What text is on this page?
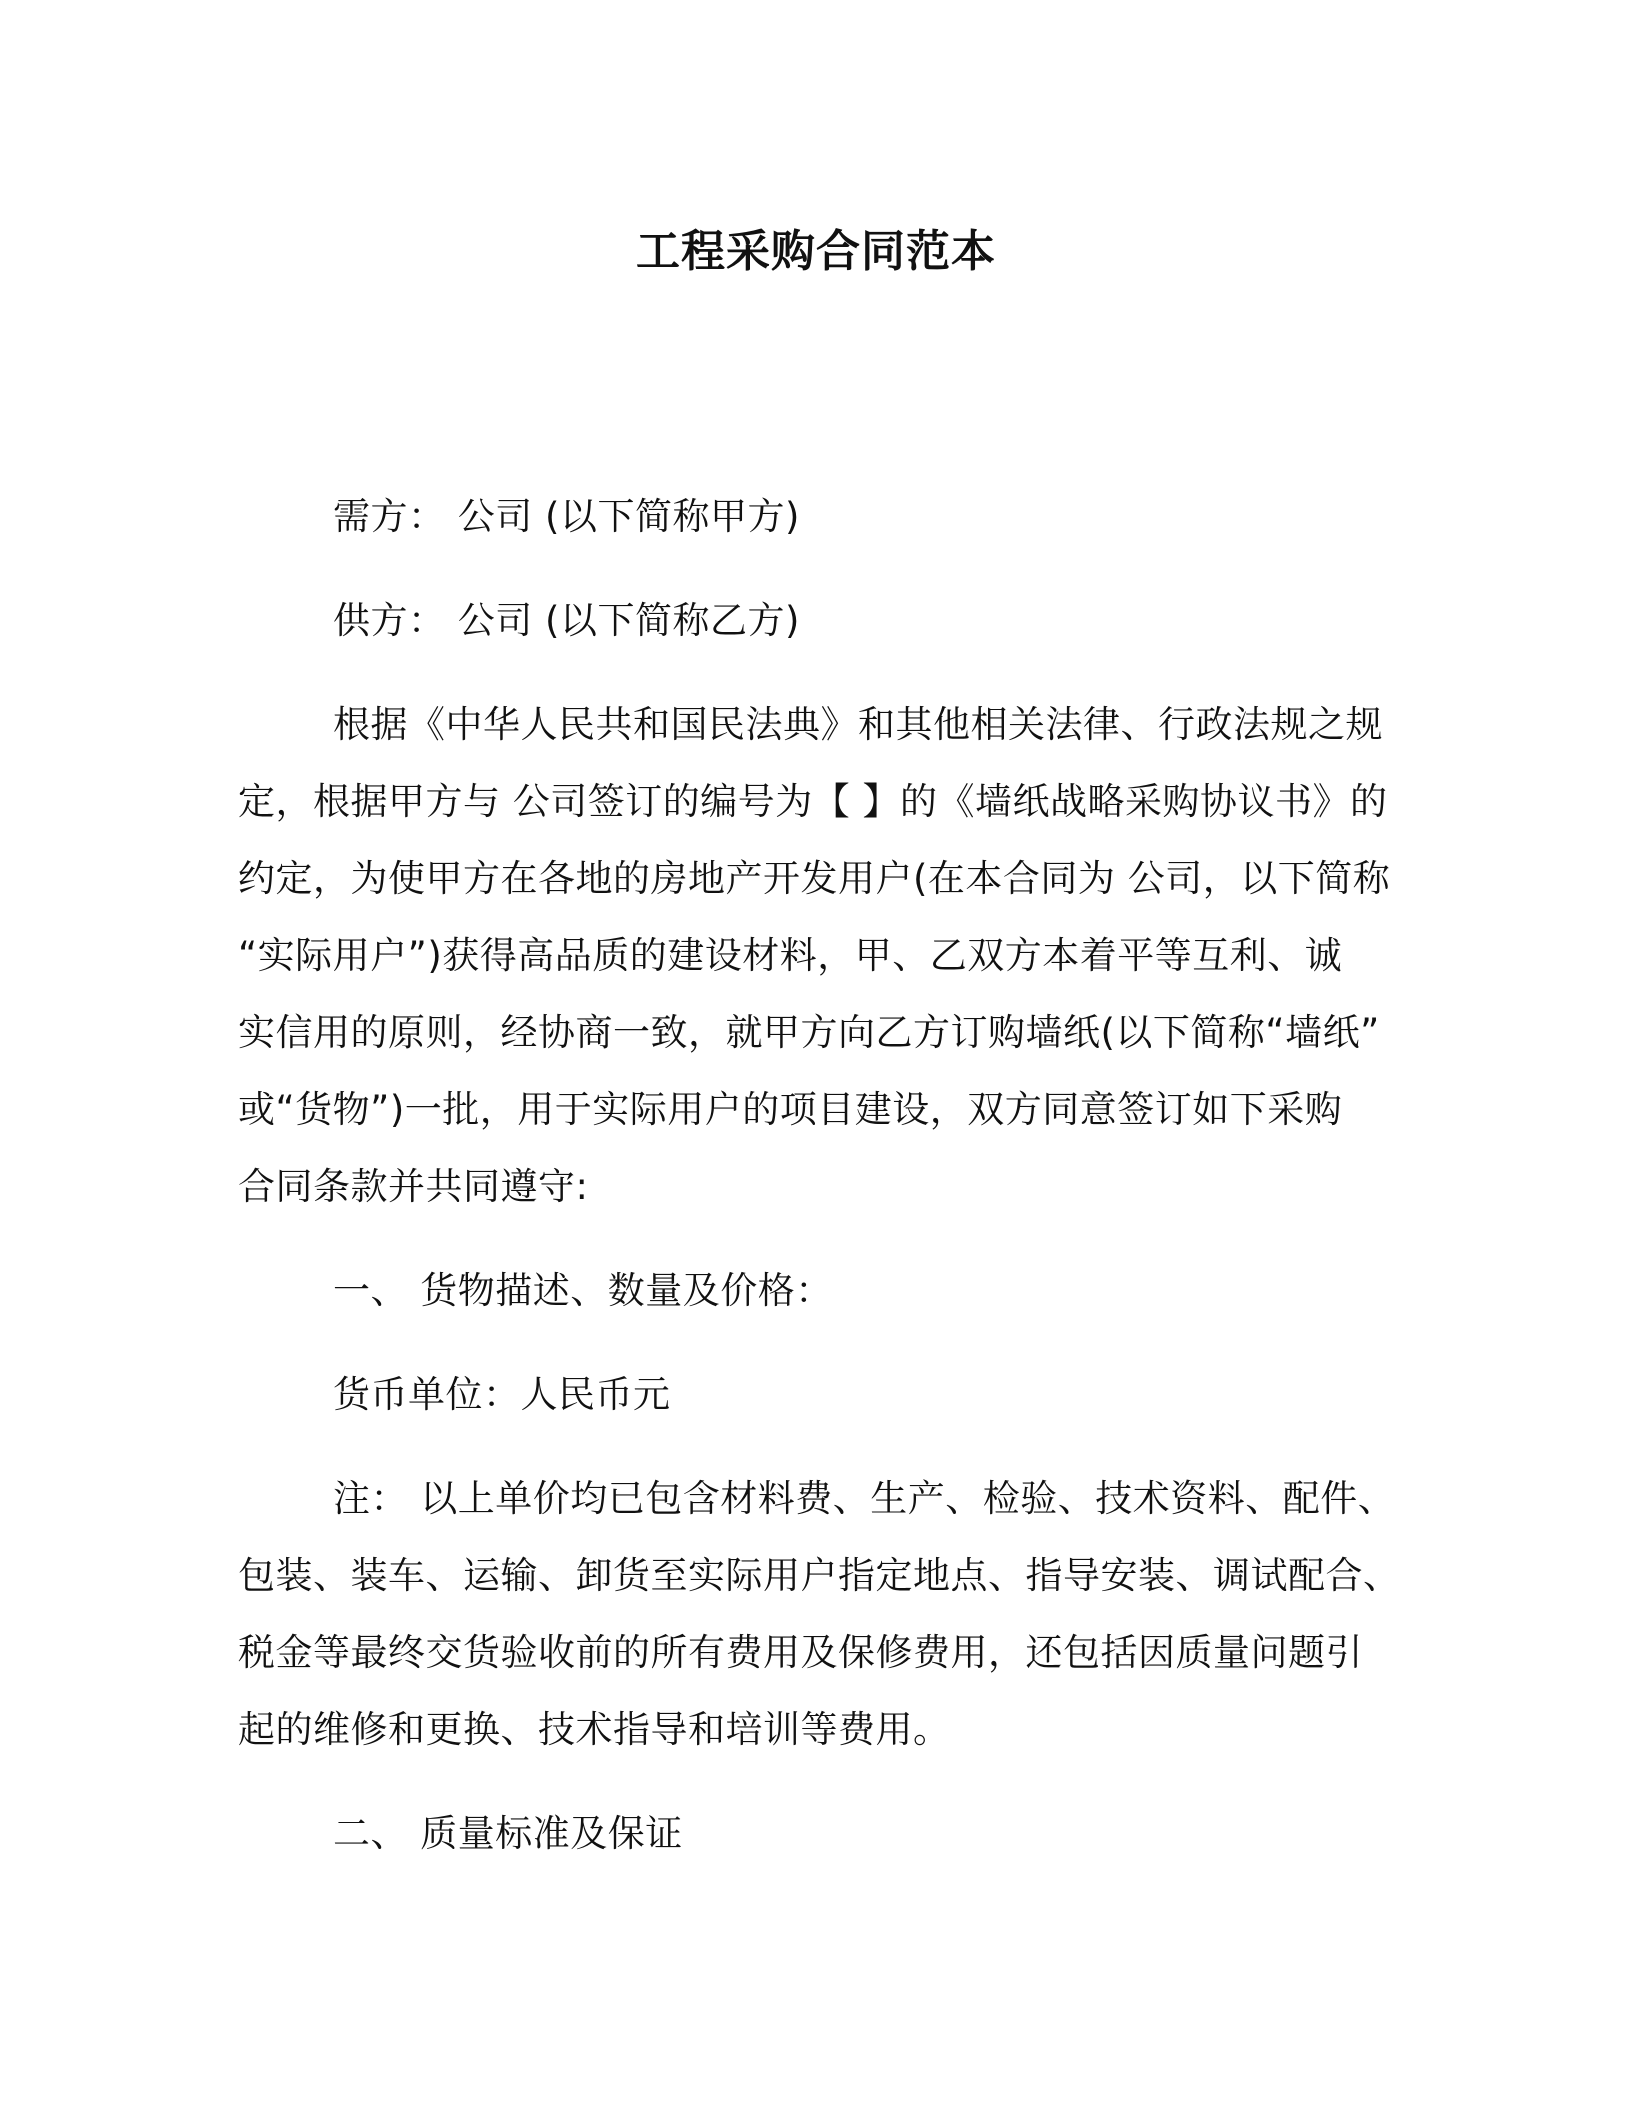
工程采购合同范本
需方： 公司 (以下简称甲方)
供方： 公司 (以下简称乙方)
根据《中华人民共和国民法典》和其他相关法律、行政法规之规
定，根据甲方与 公司签订的编号为【 】的《墙纸战略采购协议书》的
约定，为使甲方在各地的房地产开发用户(在本合同为 公司，以下简称
“实际用户”)获得高品质的建设材料，甲、乙双方本着平等互利、诚
实信用的原则，经协商一致，就甲方向乙方订购墙纸(以下简称“墙纸”
或“货物”)一批，用于实际用户的项目建设，双方同意签订如下采购
合同条款并共同遵守:
一、 货物描述、数量及价格：
货币单位：人民币元
注： 以上单价均已包含材料费、生产、检验、技术资料、配件、
包装、装车、运输、卸货至实际用户指定地点、指导安装、调试配合、
税金等最终交货验收前的所有费用及保修费用，还包括因质量问题引
起的维修和更换、技术指导和培训等费用。
二、 质量标准及保证
